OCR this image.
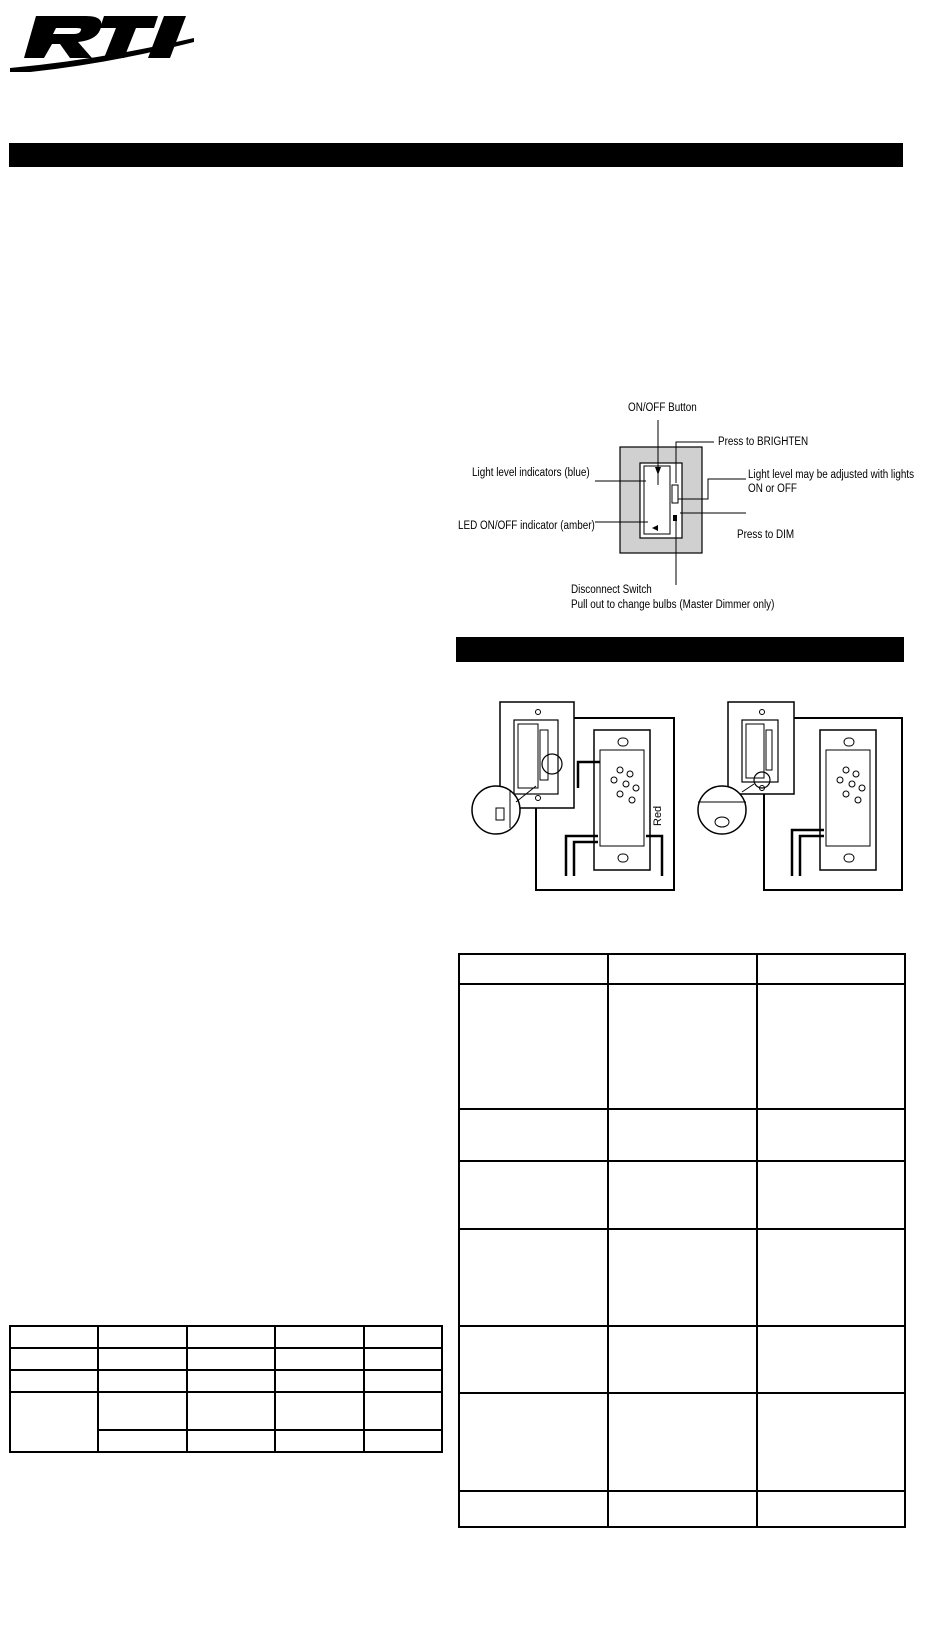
ON/OFF Button
Press to BRIGHTEN
Light level indicators (blue)	Light level may be adjusted with lights
ON or OFF
LED ON/OFF indicator (amber)
Press to DIM
Disconnect Switch
Pull out to change bulbs (Master Dimmer only)
Red
